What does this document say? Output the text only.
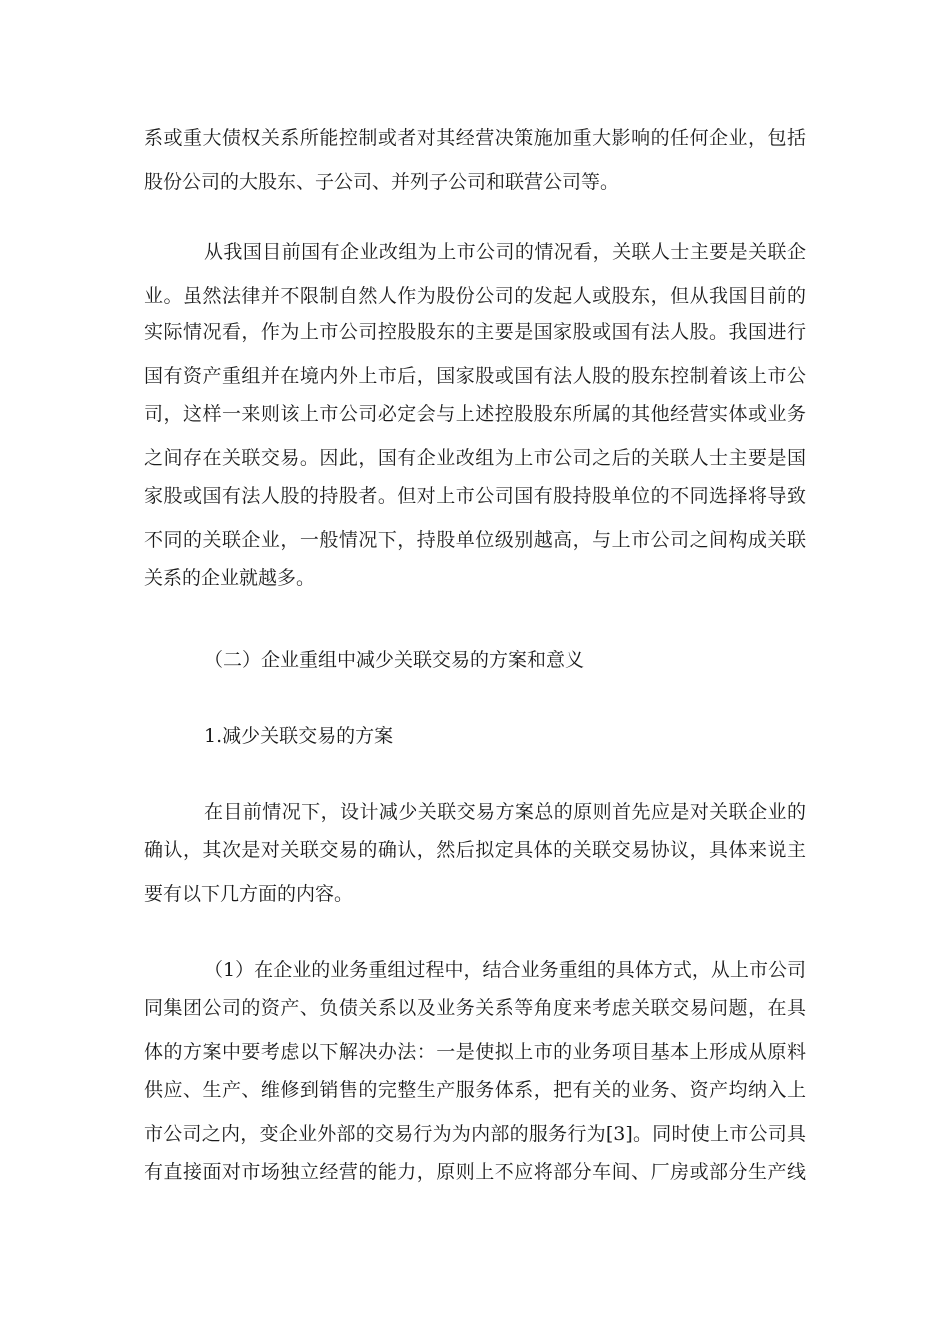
系或重大债权关系所能控制或者对其经营决策施加重大影响的任何企业，包括

股份公司的大股东、子公司、并列子公司和联营公司等。

从我国目前国有企业改组为上市公司的情况看，关联人士主要是关联企

业。虽然法律并不限制自然人作为股份公司的发起人或股东，但从我国目前的

实际情况看，作为上市公司控股股东的主要是国家股或国有法人股。我国进行

国有资产重组并在境内外上市后，国家股或国有法人股的股东控制着该上市公

司，这样一来则该上市公司必定会与上述控股股东所属的其他经营实体或业务

之间存在关联交易。因此，国有企业改组为上市公司之后的关联人士主要是国

家股或国有法人股的持股者。但对上市公司国有股持股单位的不同选择将导致

不同的关联企业，一般情况下，持股单位级别越高，与上市公司之间构成关联

关系的企业就越多。

（二）企业重组中减少关联交易的方案和意义

1.减少关联交易的方案

在目前情况下，设计减少关联交易方案总的原则首先应是对关联企业的

确认，其次是对关联交易的确认，然后拟定具体的关联交易协议，具体来说主

要有以下几方面的内容。

（1）在企业的业务重组过程中，结合业务重组的具体方式，从上市公司

同集团公司的资产、负债关系以及业务关系等角度来考虑关联交易问题，在具

体的方案中要考虑以下解决办法：一是使拟上市的业务项目基本上形成从原料

供应、生产、维修到销售的完整生产服务体系，把有关的业务、资产均纳入上

市公司之内，变企业外部的交易行为为内部的服务行为[3]。同时使上市公司具

有直接面对市场独立经营的能力，原则上不应将部分车间、厂房或部分生产线
